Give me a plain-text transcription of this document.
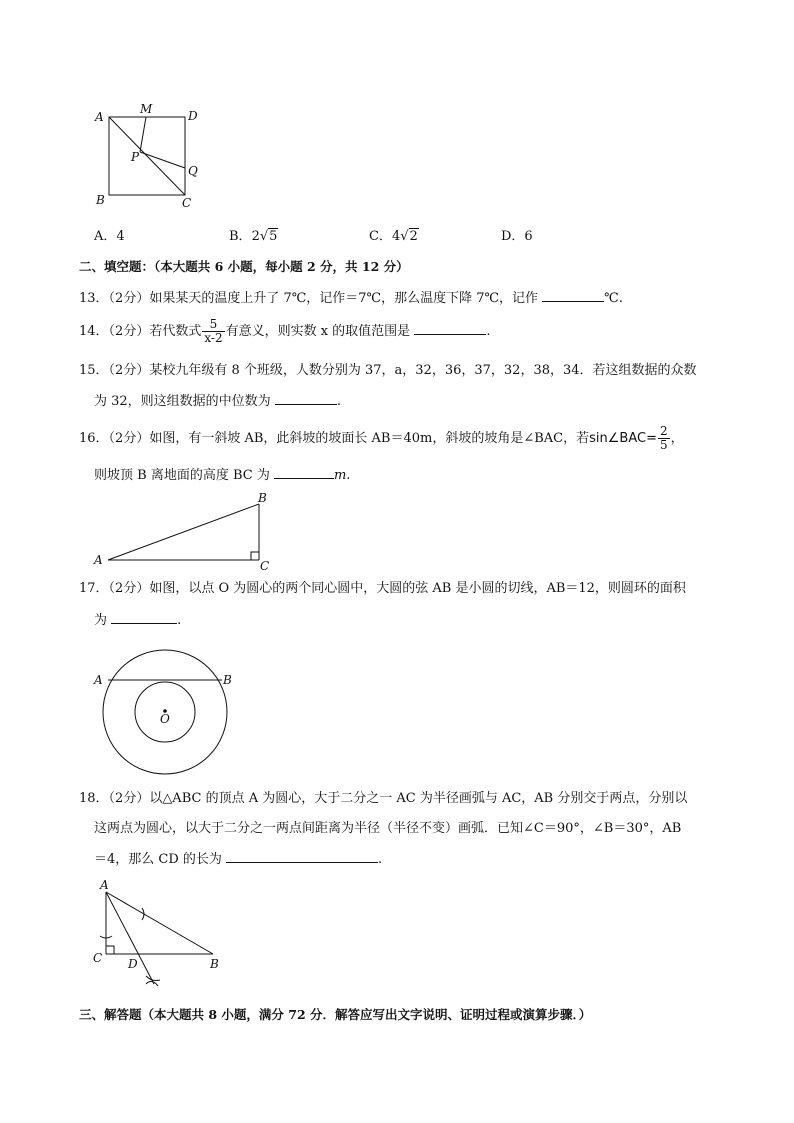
A
M	D
P
Q
B	C
A．4	B．2√5	C．4√2	D．6
二、填空题：（本大题共 6 小题，每小题 2 分，共 12 分）
13．（2分）如果某天的温度上升了 7℃，记作＝7℃，那么温度下降 7℃，记作	℃.
14．（2分）若代数式 $\frac{5}{x-2}$ 有意义，则实数 x 的取值范围是	.
15．（2分）某校九年级有 8 个班级，人数分别为 37，a，32，36，37，32，38，34．若这组数据的众数
为 32，则这组数据的中位数为	.
16．（2分）如图，有一斜坡 AB，此斜坡的坡面长 AB＝40m，斜坡的坡角是∠BAC，若sin∠BAC= $\frac{2}{5}$ ，
则坡顶 B 离地面的高度 BC 为	m.
A
B
C
17．（2分）如图，以点 O 为圆心的两个同心圆中，大圆的弦 AB 是小圆的切线，AB＝12，则圆环的面积
为	.
A	B
O
18．（2分）以△ABC 的顶点 A 为圆心，大于二分之一 AC 为半径画弧与 AC，AB 分别交于两点，分别以
这两点为圆心，以大于二分之一两点间距离为半径（半径不变）画弧．已知∠C＝90°，∠B＝30°，AB
＝4，那么 CD 的长为	.
A
C D	B
三、解答题（本大题共 8 小题，满分 72 分．解答应写出文字说明、证明过程或演算步骤．）
